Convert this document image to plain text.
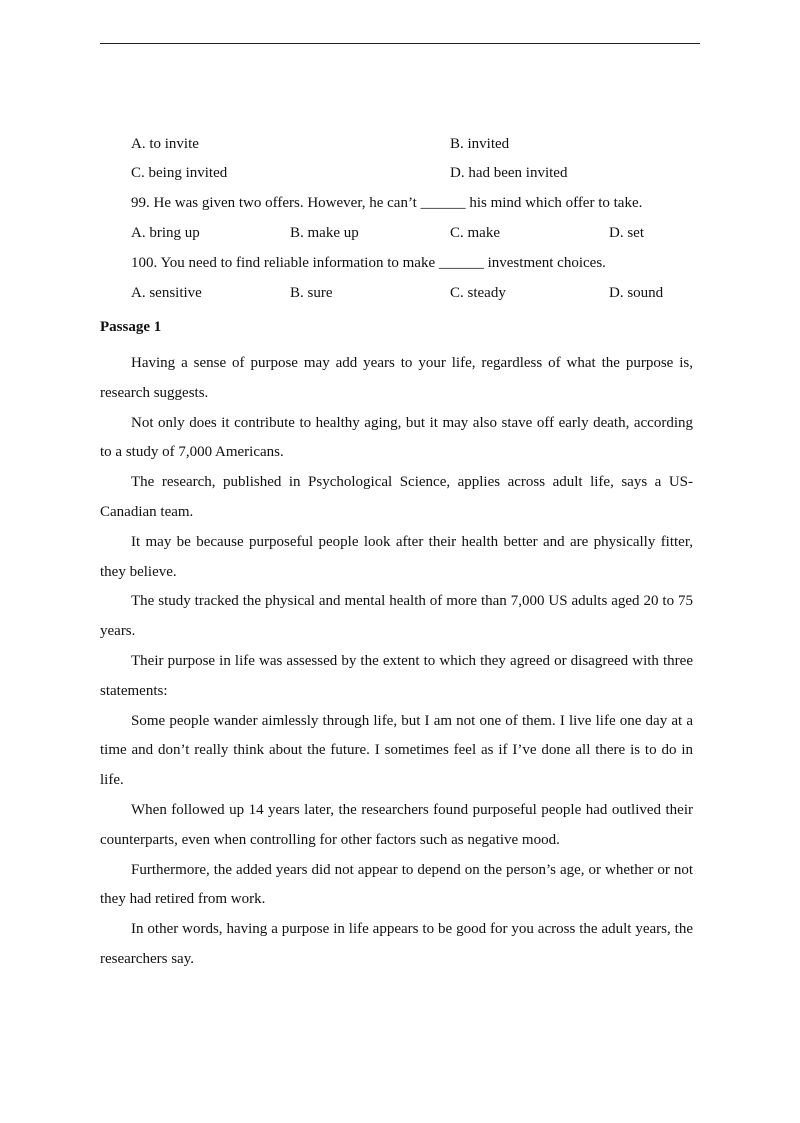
A. to invite	B. invited
C. being invited	D. had been invited
99. He was given two offers. However, he can’t ______ his mind which offer to take.
A. bring up	B. make up	C. make	D. set
100. You need to find reliable information to make ______ investment choices.
A. sensitive	B. sure	C. steady	D. sound
Passage 1

Having a sense of purpose may add years to your life, regardless of what the purpose is, research suggests.

Not only does it contribute to healthy aging, but it may also stave off early death, according to a study of 7,000 Americans.

The research, published in Psychological Science, applies across adult life, says a US-Canadian team.

It may be because purposeful people look after their health better and are physically fitter, they believe.

The study tracked the physical and mental health of more than 7,000 US adults aged 20 to 75 years.

Their purpose in life was assessed by the extent to which they agreed or disagreed with three statements:

Some people wander aimlessly through life, but I am not one of them. I live life one day at a time and don’t really think about the future. I sometimes feel as if I’ve done all there is to do in life.

When followed up 14 years later, the researchers found purposeful people had outlived their counterparts, even when controlling for other factors such as negative mood.

Furthermore, the added years did not appear to depend on the person’s age, or whether or not they had retired from work.

In other words, having a purpose in life appears to be good for you across the adult years, the researchers say.
